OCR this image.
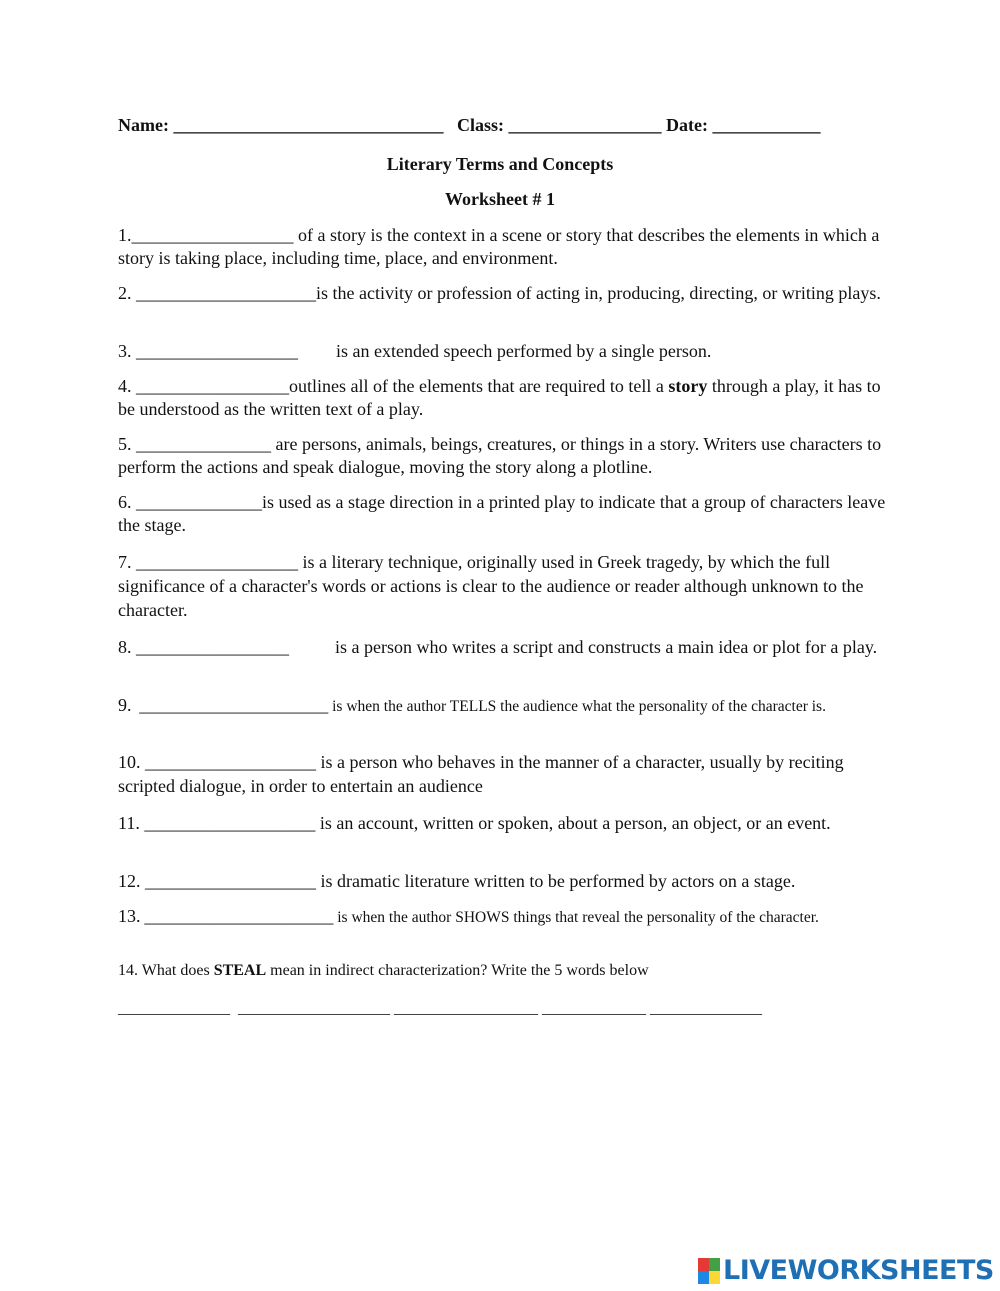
Name: ______________________________ Class: _________________ Date: ____________
Literary Terms and Concepts
Worksheet # 1
1.__________________ of a story is the context in a scene or story that describes the elements in which a story is taking place, including time, place, and environment.
2. ____________________is the activity or profession of acting in, producing, directing, or writing plays.
3. __________________ is an extended speech performed by a single person.
4. _________________outlines all of the elements that are required to tell a story through a play, it has to be understood as the written text of a play.
5. _______________ are persons, animals, beings, creatures, or things in a story. Writers use characters to perform the actions and speak dialogue, moving the story along a plotline.
6. ______________is used as a stage direction in a printed play to indicate that a group of characters leave the stage.
7. __________________ is a literary technique, originally used in Greek tragedy, by which the full significance of a character's words or actions is clear to the audience or reader although unknown to the character.
8. _________________	is a person who writes a script and constructs a main idea or plot for a play.
9. _____________________ is when the author TELLS the audience what the personality of the character is.
10. ___________________ is a person who behaves in the manner of a character, usually by reciting scripted dialogue, in order to entertain an audience
11. ___________________ is an account, written or spoken, about a person, an object, or an event.
12. ___________________ is dramatic literature written to be performed by actors on a stage.
13. _____________________ is when the author SHOWS things that reveal the personality of the character.
14. What does STEAL mean in indirect characterization? Write the 5 words below
______________ ___________________ __________________ _____________ ______________
LIVEWORKSHEETS
